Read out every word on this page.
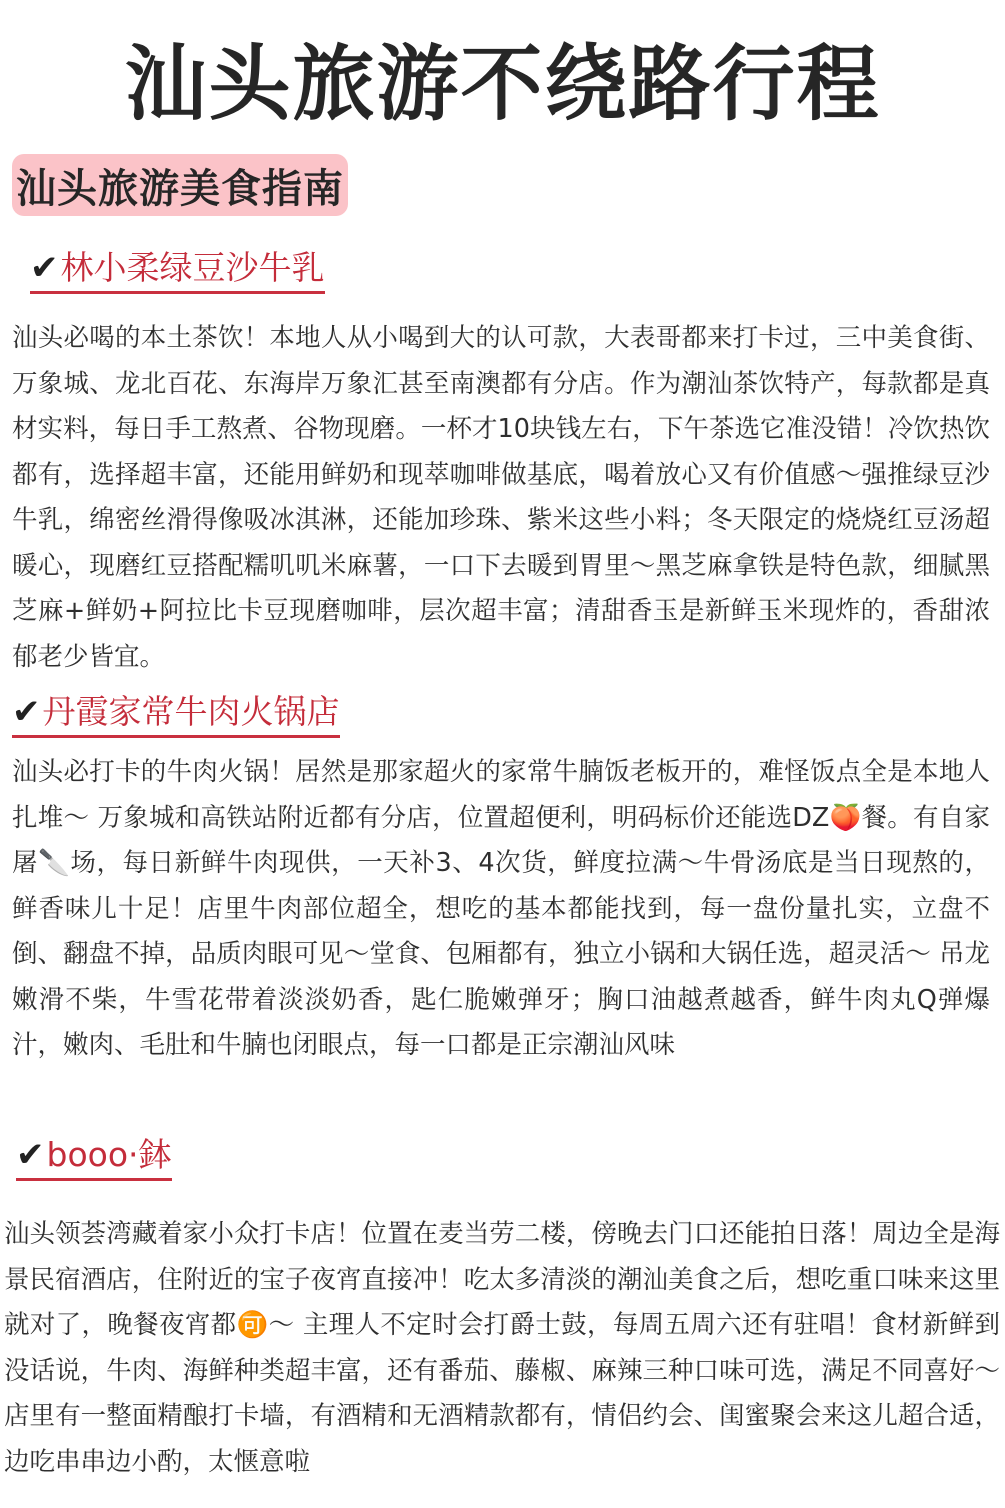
汕头旅游不绕路行程
汕头旅游美食指南
✔ 林小柔绿豆沙牛乳
汕头必喝的本土茶饮！本地人从小喝到大的认可款，大表哥都来打卡过，三中美食街、万象城、龙北百花、东海岸万象汇甚至南澳都有分店。作为潮汕茶饮特产，每款都是真材实料，每日手工熬煮、谷物现磨。一杯才10块钱左右，下午茶选它准没错！冷饮热饮都有，选择超丰富，还能用鲜奶和现萃咖啡做基底，喝着放心又有价值感～强推绿豆沙牛乳，绵密丝滑得像吸冰淇淋，还能加珍珠、紫米这些小料；冬天限定的烧烧红豆汤超暖心，现磨红豆搭配糯叽叽米麻薯，一口下去暖到胃里～黑芝麻拿铁是特色款，细腻黑芝麻+鲜奶+阿拉比卡豆现磨咖啡，层次超丰富；清甜香玉是新鲜玉米现炸的，香甜浓郁老少皆宜。
✔ 丹霞家常牛肉火锅店
汕头必打卡的牛肉火锅！居然是那家超火的家常牛腩饭老板开的，难怪饭点全是本地人扎堆～ 万象城和高铁站附近都有分店，位置超便利，明码标价还能选DZ🍑餐。有自家屠🔪场，每日新鲜牛肉现供，一天补3、4次货，鲜度拉满～牛骨汤底是当日现熬的，鲜香味儿十足！店里牛肉部位超全，想吃的基本都能找到，每一盘份量扎实，立盘不倒、翻盘不掉，品质肉眼可见～堂食、包厢都有，独立小锅和大锅任选，超灵活～ 吊龙嫩滑不柴，牛雪花带着淡淡奶香，匙仁脆嫩弹牙；胸口油越煮越香，鲜牛肉丸Q弹爆汁，嫩肉、毛肚和牛腩也闭眼点，每一口都是正宗潮汕风味
✔ booo·鉢
汕头领荟湾藏着家小众打卡店！位置在麦当劳二楼，傍晚去门口还能拍日落！周边全是海景民宿酒店，住附近的宝子夜宵直接冲！吃太多清淡的潮汕美食之后，想吃重口味来这里就对了，晚餐夜宵都🉑～ 主理人不定时会打爵士鼓，每周五周六还有驻唱！食材新鲜到没话说，牛肉、海鲜种类超丰富，还有番茄、藤椒、麻辣三种口味可选，满足不同喜好～ 店里有一整面精酿打卡墙，有酒精和无酒精款都有，情侣约会、闺蜜聚会来这儿超合适，边吃串串边小酌，太惬意啦
